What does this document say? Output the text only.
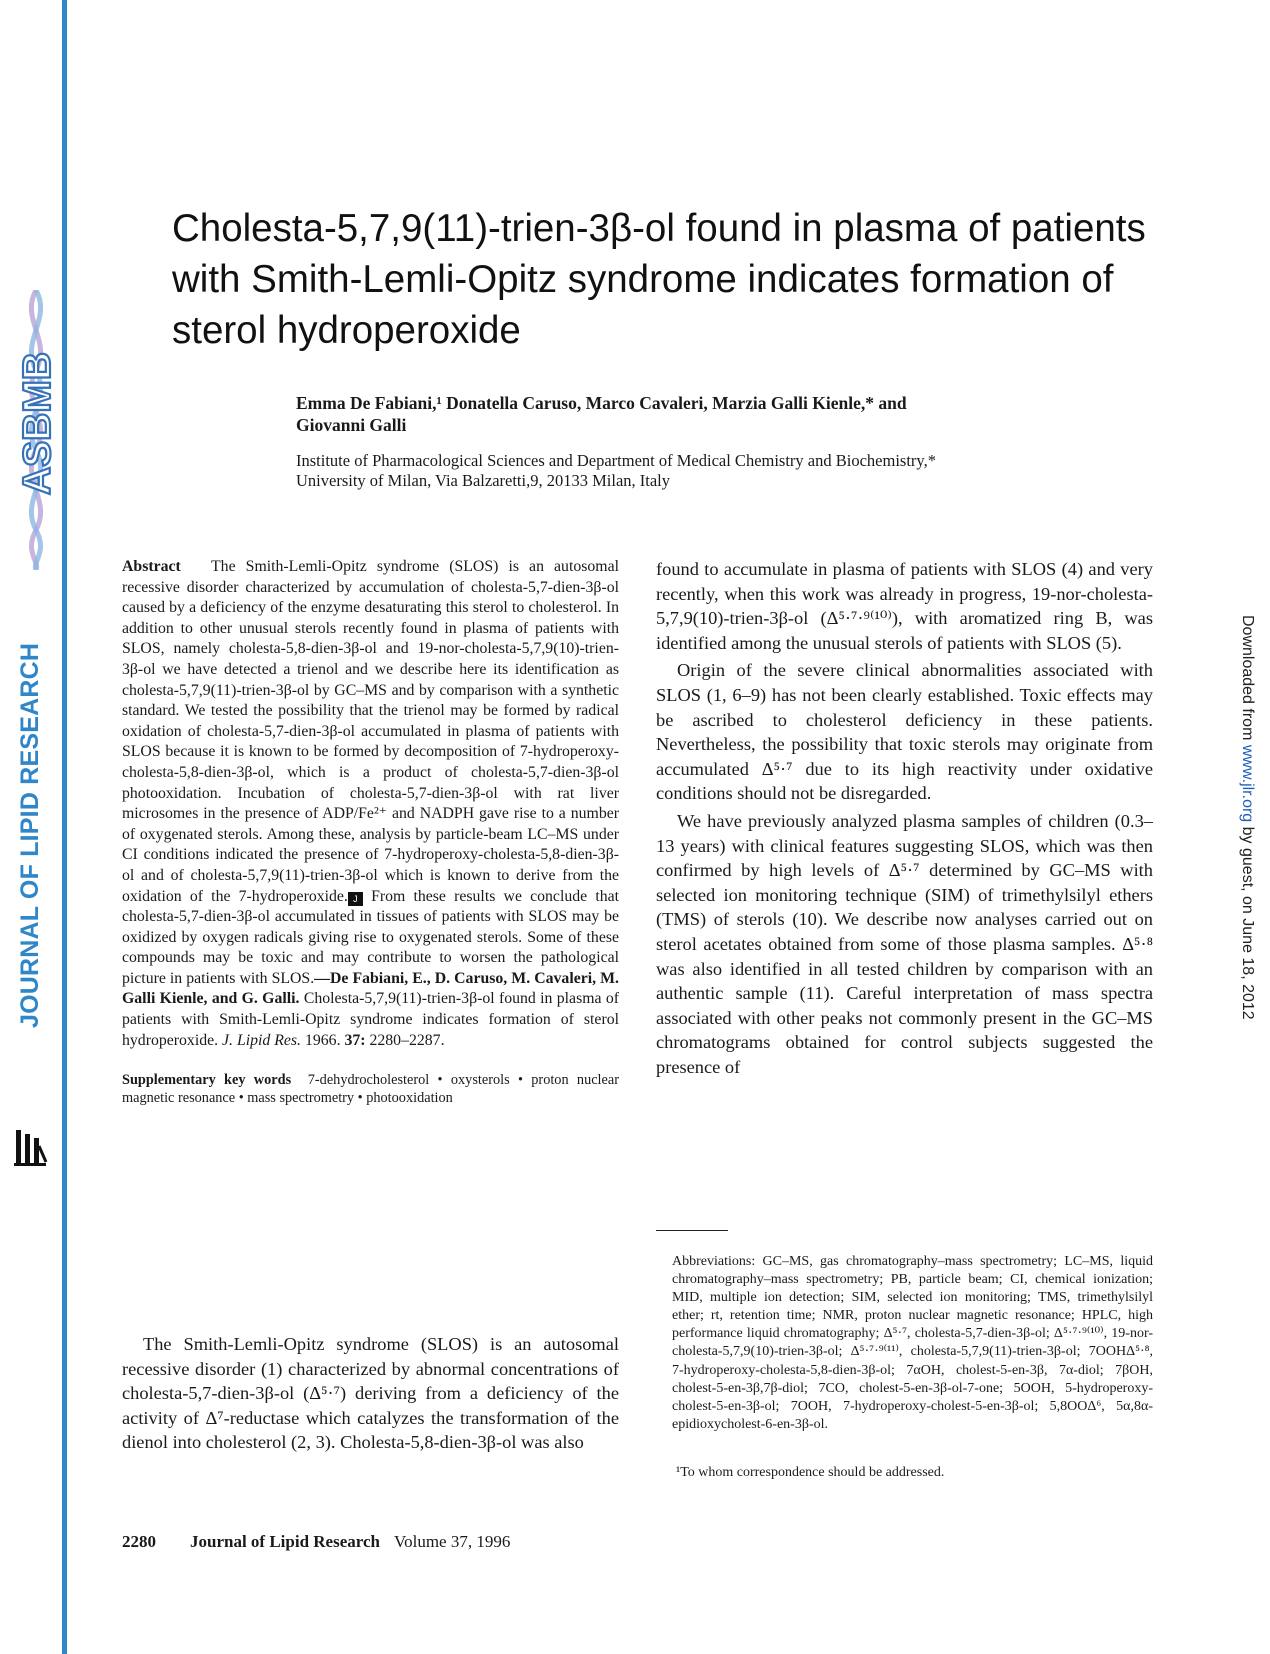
ASBMB
JOURNAL OF LIPID RESEARCH
JLR
Downloaded from www.jlr.org by guest, on June 18, 2012
Cholesta-5,7,9(11)-trien-3β-ol found in plasma of patients with Smith-Lemli-Opitz syndrome indicates formation of sterol hydroperoxide
Emma De Fabiani,¹ Donatella Caruso, Marco Cavaleri, Marzia Galli Kienle,* and
Giovanni Galli
Institute of Pharmacological Sciences and Department of Medical Chemistry and Biochemistry,*
University of Milan, Via Balzaretti,9, 20133 Milan, Italy

Abstract The Smith-Lemli-Opitz syndrome (SLOS) is an autosomal recessive disorder characterized by accumulation of cholesta-5,7-dien-3β-ol caused by a deficiency of the enzyme desaturating this sterol to cholesterol. In addition to other unusual sterols recently found in plasma of patients with SLOS, namely cholesta-5,8-dien-3β-ol and 19-nor-cholesta-5,7,9(10)-trien-3β-ol we have detected a trienol and we describe here its identification as cholesta-5,7,9(11)-trien-3β-ol by GC–MS and by comparison with a synthetic standard. We tested the possibility that the trienol may be formed by radical oxidation of cholesta-5,7-dien-3β-ol accumulated in plasma of patients with SLOS because it is known to be formed by decomposition of 7-hydroperoxy-cholesta-5,8-dien-3β-ol, which is a product of cholesta-5,7-dien-3β-ol photooxidation. Incubation of cholesta-5,7-dien-3β-ol with rat liver microsomes in the presence of ADP/Fe²⁺ and NADPH gave rise to a number of oxygenated sterols. Among these, analysis by particle-beam LC–MS under CI conditions indicated the presence of 7-hydroperoxy-cholesta-5,8-dien-3β-ol and of cholesta-5,7,9(11)-trien-3β-ol which is known to derive from the oxidation of the 7-hydroperoxide. J From these results we conclude that cholesta-5,7-dien-3β-ol accumulated in tissues of patients with SLOS may be oxidized by oxygen radicals giving rise to oxygenated sterols. Some of these compounds may be toxic and may contribute to worsen the pathological picture in patients with SLOS.—De Fabiani, E., D. Caruso, M. Cavaleri, M. Galli Kienle, and G. Galli. Cholesta-5,7,9(11)-trien-3β-ol found in plasma of patients with Smith-Lemli-Opitz syndrome indicates formation of sterol hydroperoxide. J. Lipid Res. 1966. 37: 2280–2287.

Supplementary key words 7-dehydrocholesterol • oxysterols • proton nuclear magnetic resonance • mass spectrometry • photooxidation

The Smith-Lemli-Opitz syndrome (SLOS) is an autosomal recessive disorder (1) characterized by abnormal concentrations of cholesta-5,7-dien-3β-ol (Δ⁵·⁷) deriving from a deficiency of the activity of Δ⁷-reductase which catalyzes the transformation of the dienol into cholesterol (2, 3). Cholesta-5,8-dien-3β-ol was also

found to accumulate in plasma of patients with SLOS (4) and very recently, when this work was already in progress, 19-nor-cholesta-5,7,9(10)-trien-3β-ol (Δ⁵·⁷·⁹⁽¹⁰⁾), with aromatized ring B, was identified among the unusual sterols of patients with SLOS (5).

Origin of the severe clinical abnormalities associated with SLOS (1, 6–9) has not been clearly established. Toxic effects may be ascribed to cholesterol deficiency in these patients. Nevertheless, the possibility that toxic sterols may originate from accumulated Δ⁵·⁷ due to its high reactivity under oxidative conditions should not be disregarded.

We have previously analyzed plasma samples of children (0.3–13 years) with clinical features suggesting SLOS, which was then confirmed by high levels of Δ⁵·⁷ determined by GC–MS with selected ion monitoring technique (SIM) of trimethylsilyl ethers (TMS) of sterols (10). We describe now analyses carried out on sterol acetates obtained from some of those plasma samples. Δ⁵·⁸ was also identified in all tested children by comparison with an authentic sample (11). Careful interpretation of mass spectra associated with other peaks not commonly present in the GC–MS chromatograms obtained for control subjects suggested the presence of

Abbreviations: GC–MS, gas chromatography–mass spectrometry; LC–MS, liquid chromatography–mass spectrometry; PB, particle beam; CI, chemical ionization; MID, multiple ion detection; SIM, selected ion monitoring; TMS, trimethylsilyl ether; rt, retention time; NMR, proton nuclear magnetic resonance; HPLC, high performance liquid chromatography; Δ⁵·⁷, cholesta-5,7-dien-3β-ol; Δ⁵·⁷·⁹⁽¹⁰⁾, 19-nor-cholesta-5,7,9(10)-trien-3β-ol; Δ⁵·⁷·⁹⁽¹¹⁾, cholesta-5,7,9(11)-trien-3β-ol; 7OOHΔ⁵·⁸, 7-hydroperoxy-cholesta-5,8-dien-3β-ol; 7αOH, cholest-5-en-3β, 7α-diol; 7βOH, cholest-5-en-3β,7β-diol; 7CO, cholest-5-en-3β-ol-7-one; 5OOH, 5-hydroperoxy-cholest-5-en-3β-ol; 7OOH, 7-hydroperoxy-cholest-5-en-3β-ol; 5,8OOΔ⁶, 5α,8α-epidioxycholest-6-en-3β-ol.

¹To whom correspondence should be addressed.

2280 Journal of Lipid Research Volume 37, 1996
